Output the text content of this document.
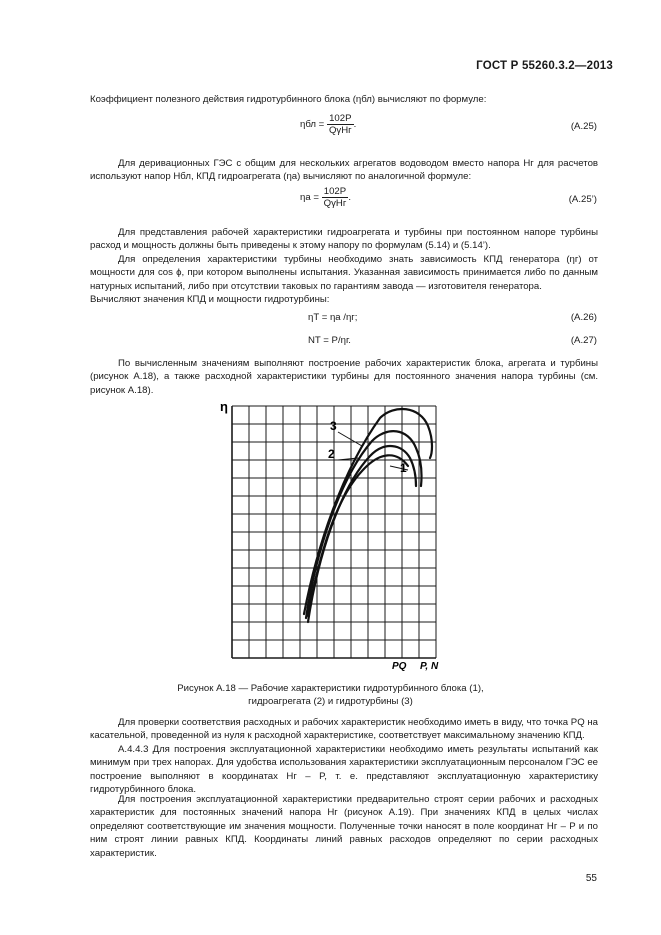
ГОСТ Р 55260.3.2—2013
Коэффициент полезного действия гидротурбинного блока (ηбл) вычисляют по формуле:
$\eta бл = \frac{102P}{\text{QγHг}}$ .	(А.25)
Для деривационных ГЭС с общим для нескольких агрегатов водоводом вместо напора Hг для расчетов используют напор Hбл, КПД гидроагрегата (ηа) вычисляют по аналогичной формуле:
$\eta а = \frac{102P}{\text{QγHг}}$ .	(А.25’)
Для представления рабочей характеристики гидроагрегата и турбины при постоянном напоре турбины расход и мощность должны быть приведены к этому напору по формулам (5.14) и (5.14’).
Для определения характеристики турбины необходимо знать зависимость КПД генератора (ηг) от мощности для cos ϕ, при котором выполнены испытания. Указанная зависимость принимается либо по данным натурных испытаний, либо при отсутствии таковых по гарантиям завода — изготовителя генератора.
Вычисляют значения КПД и мощности гидротурбины:
ηT = ηа /ηг;	(А.26)
NT = P/ηг.	(А.27)
По вычисленным значениям выполняют построение рабочих характеристик блока, агрегата и турбины (рисунок А.18), а также расходной характеристики турбины для постоянного значения напора турбины (см. рисунок А.18).
η
PQ P, N
3
2
1
Рисунок А.18 — Рабочие характеристики гидротурбинного блока (1),
гидроагрегата (2) и гидротурбины (3)
Для проверки соответствия расходных и рабочих характеристик необходимо иметь в виду, что точка PQ на касательной, проведенной из нуля к расходной характеристике, соответствует максимальному значению КПД.
А.4.4.3 Для построения эксплуатационной характеристики необходимо иметь результаты испытаний как минимум при трех напорах. Для удобства использования характеристики эксплуатационным персоналом ГЭС ее построение выполняют в координатах Hг – P, т. е. представляют эксплуатационную характеристику гидротурбинного блока.
Для построения эксплуатационной характеристики предварительно строят серии рабочих и расходных характеристик для постоянных значений напора Hг (рисунок А.19). При значениях КПД в целых числах определяют соответствующие им значения мощности. Полученные точки наносят в поле координат Hг – P и по ним строят линии равных КПД. Координаты линий равных расходов определяют по серии расходных характеристик.
55
